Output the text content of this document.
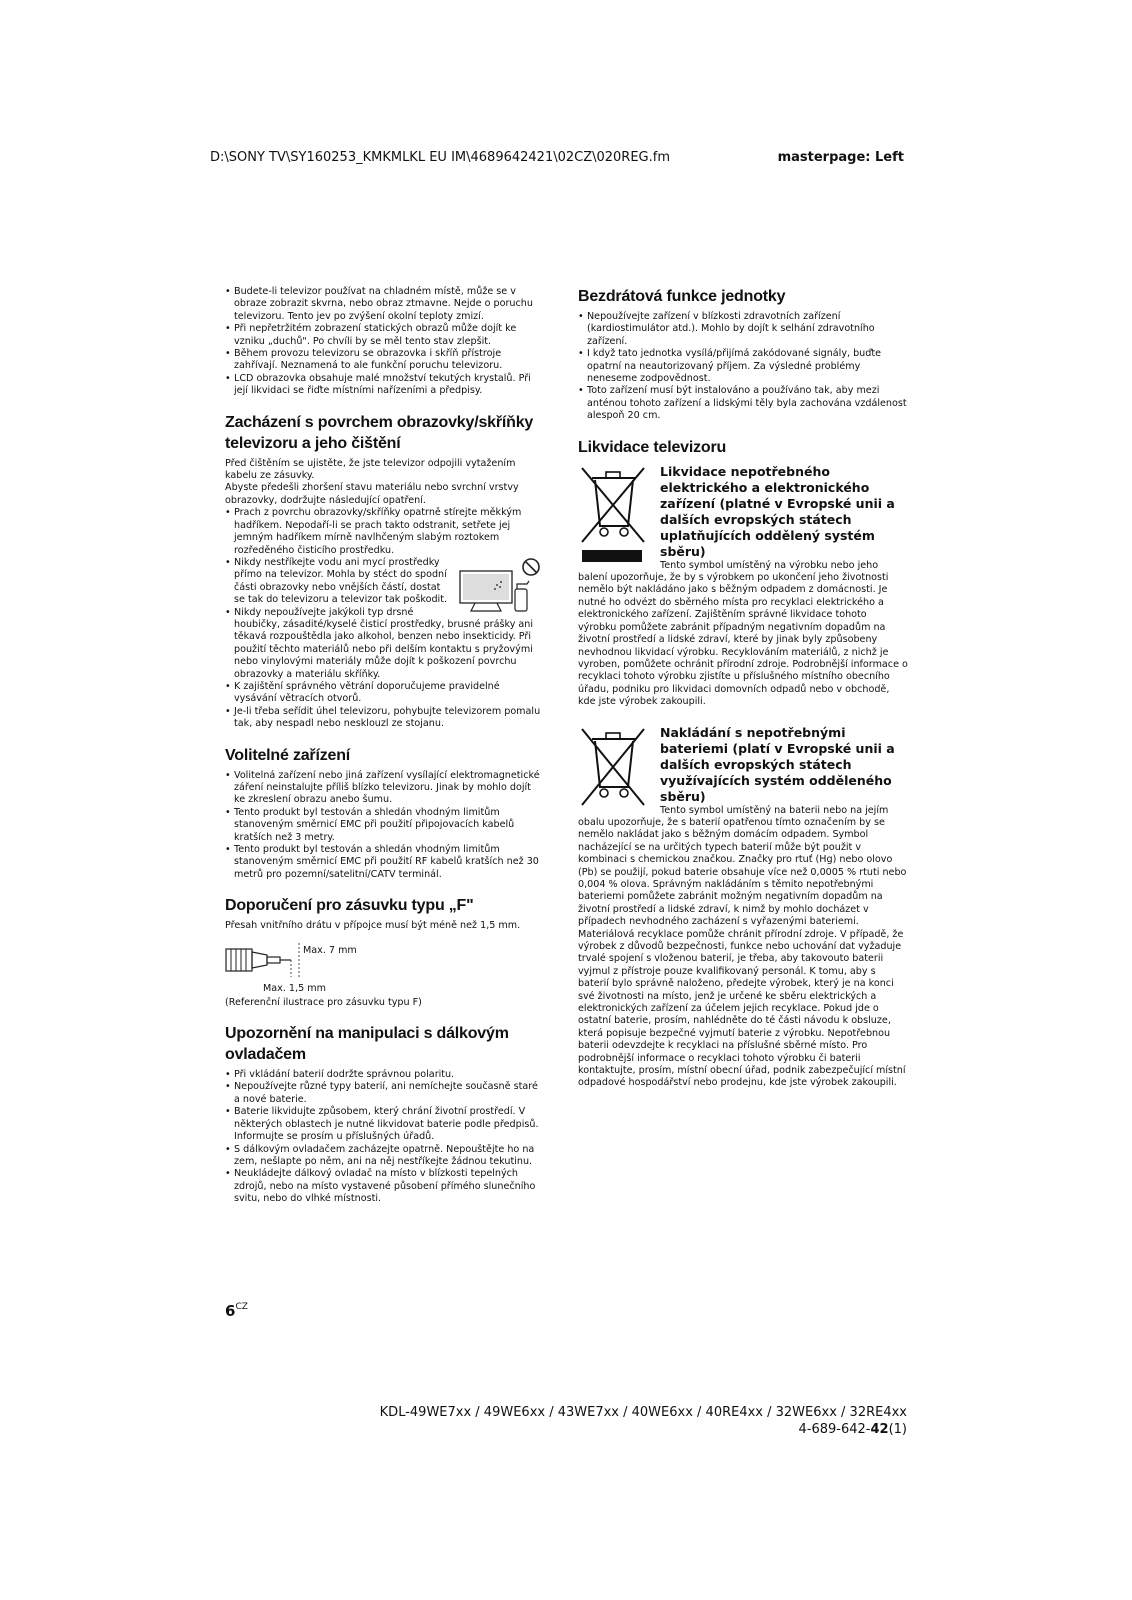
D:\SONY TV\SY160253_KMKMLKL EU IM\4689642421\02CZ\020REG.fm	masterpage: Left
• Budete-li televizor používat na chladném místě, může se v obraze zobrazit skvrna, nebo obraz ztmavne. Nejde o poruchu televizoru. Tento jev po zvýšení okolní teploty zmizí.
• Při nepřetržitém zobrazení statických obrazů může dojít ke vzniku „duchů". Po chvíli by se měl tento stav zlepšit.
• Během provozu televizoru se obrazovka i skříň přístroje zahřívají. Neznamená to ale funkční poruchu televizoru.
• LCD obrazovka obsahuje malé množství tekutých krystalů. Při její likvidaci se řiďte místními nařízeními a předpisy.
Zacházení s povrchem obrazovky/skříňky televizoru a jeho čištění

Před čištěním se ujistěte, že jste televizor odpojili vytažením kabelu ze zásuvky.

Abyste předešli zhoršení stavu materiálu nebo svrchní vrstvy obrazovky, dodržujte následující opatření.

• Prach z povrchu obrazovky/skříňky opatrně stírejte měkkým hadříkem. Nepodaří-li se prach takto odstranit, setřete jej jemným hadříkem mírně navlhčeným slabým roztokem rozředěného čisticího prostředku.
• Nikdy nestříkejte vodu ani mycí prostředky přímo na televizor. Mohla by stéct do spodní části obrazovky nebo vnějších částí, dostat se tak do televizoru a televizor tak poškodit.
• Nikdy nepoužívejte jakýkoli typ drsné houbičky, zásadité/kyselé čisticí prostředky, brusné prášky ani těkavá rozpouštědla jako alkohol, benzen nebo insekticidy. Při použití těchto materiálů nebo při delším kontaktu s pryžovými nebo vinylovými materiály může dojít k poškození povrchu obrazovky a materiálu skříňky.
• K zajištění správného větrání doporučujeme pravidelné vysávání větracích otvorů.
• Je-li třeba seřídit úhel televizoru, pohybujte televizorem pomalu tak, aby nespadl nebo nesklouzl ze stojanu.
Volitelné zařízení
• Volitelná zařízení nebo jiná zařízení vysílající elektromagnetické záření neinstalujte příliš blízko televizoru. Jinak by mohlo dojít ke zkreslení obrazu anebo šumu.
• Tento produkt byl testován a shledán vhodným limitům stanoveným směrnicí EMC při použití připojovacích kabelů kratších než 3 metry.
• Tento produkt byl testován a shledán vhodným limitům stanoveným směrnicí EMC při použití RF kabelů kratších než 30 metrů pro pozemní/satelitní/CATV terminál.
Doporučení pro zásuvku typu „F"

Přesah vnitřního drátu v přípojce musí být méně než 1,5 mm.

Max. 7 mm
Max. 1,5 mm

(Referenční ilustrace pro zásuvku typu F)

Upozornění na manipulaci s dálkovým ovladačem
• Při vkládání baterií dodržte správnou polaritu.
• Nepoužívejte různé typy baterií, ani nemíchejte současně staré a nové baterie.
• Baterie likvidujte způsobem, který chrání životní prostředí. V některých oblastech je nutné likvidovat baterie podle předpisů. Informujte se prosím u příslušných úřadů.
• S dálkovým ovladačem zacházejte opatrně. Nepouštějte ho na zem, nešlapte po něm, ani na něj nestříkejte žádnou tekutinu.
• Neukládejte dálkový ovladač na místo v blízkosti tepelných zdrojů, nebo na místo vystavené působení přímého slunečního svitu, nebo do vlhké místnosti.
Bezdrátová funkce jednotky
• Nepoužívejte zařízení v blízkosti zdravotních zařízení (kardiostimulátor atd.). Mohlo by dojít k selhání zdravotního zařízení.
• I když tato jednotka vysílá/přijímá zakódované signály, buďte opatrní na neautorizovaný příjem. Za výsledné problémy neneseme zodpovědnost.
• Toto zařízení musí být instalováno a používáno tak, aby mezi anténou tohoto zařízení a lidskými těly byla zachována vzdálenost alespoň 20 cm.
Likvidace televizoru
Likvidace nepotřebného elektrického a elektronického zařízení (platné v Evropské unii a dalších evropských státech uplatňujících oddělený systém sběru)

Tento symbol umístěný na výrobku nebo jeho balení upozorňuje, že by s výrobkem po ukončení jeho životnosti nemělo být nakládáno jako s běžným odpadem z domácnosti. Je nutné ho odvézt do sběrného místa pro recyklaci elektrického a elektronického zařízení. Zajištěním správné likvidace tohoto výrobku pomůžete zabránit případným negativním dopadům na životní prostředí a lidské zdraví, které by jinak byly způsobeny nevhodnou likvidací výrobku. Recyklováním materiálů, z nichž je vyroben, pomůžete ochránit přírodní zdroje. Podrobnější informace o recyklaci tohoto výrobku zjistíte u příslušného místního obecního úřadu, podniku pro likvidaci domovních odpadů nebo v obchodě, kde jste výrobek zakoupili.

Nakládání s nepotřebnými bateriemi (platí v Evropské unii a dalších evropských státech využívajících systém odděleného sběru)

Tento symbol umístěný na baterii nebo na jejím obalu upozorňuje, že s baterií opatřenou tímto označením by se nemělo nakládat jako s běžným domácím odpadem. Symbol nacházející se na určitých typech baterií může být použit v kombinaci s chemickou značkou. Značky pro rtuť (Hg) nebo olovo (Pb) se použijí, pokud baterie obsahuje více než 0,0005 % rtuti nebo 0,004 % olova. Správným nakládáním s těmito nepotřebnými bateriemi pomůžete zabránit možným negativním dopadům na životní prostředí a lidské zdraví, k nimž by mohlo docházet v případech nevhodného zacházení s vyřazenými bateriemi. Materiálová recyklace pomůže chránit přírodní zdroje. V případě, že výrobek z důvodů bezpečnosti, funkce nebo uchování dat vyžaduje trvalé spojení s vloženou baterií, je třeba, aby takovouto baterii vyjmul z přístroje pouze kvalifikovaný personál. K tomu, aby s baterií bylo správně naloženo, předejte výrobek, který je na konci své životnosti na místo, jenž je určené ke sběru elektrických a elektronických zařízení za účelem jejich recyklace. Pokud jde o ostatní baterie, prosím, nahlédněte do té části návodu k obsluze, která popisuje bezpečné vyjmutí baterie z výrobku. Nepotřebnou baterii odevzdejte k recyklaci na příslušné sběrné místo. Pro podrobnější informace o recyklaci tohoto výrobku či baterii kontaktujte, prosím, místní obecní úřad, podnik zabezpečující místní odpadové hospodářství nebo prodejnu, kde jste výrobek zakoupili.

$6^{CZ}$
KDL-49WE7xx / 49WE6xx / 43WE7xx / 40WE6xx / 40RE4xx / 32WE6xx / 32RE4xx
4-689-642-42(1)
